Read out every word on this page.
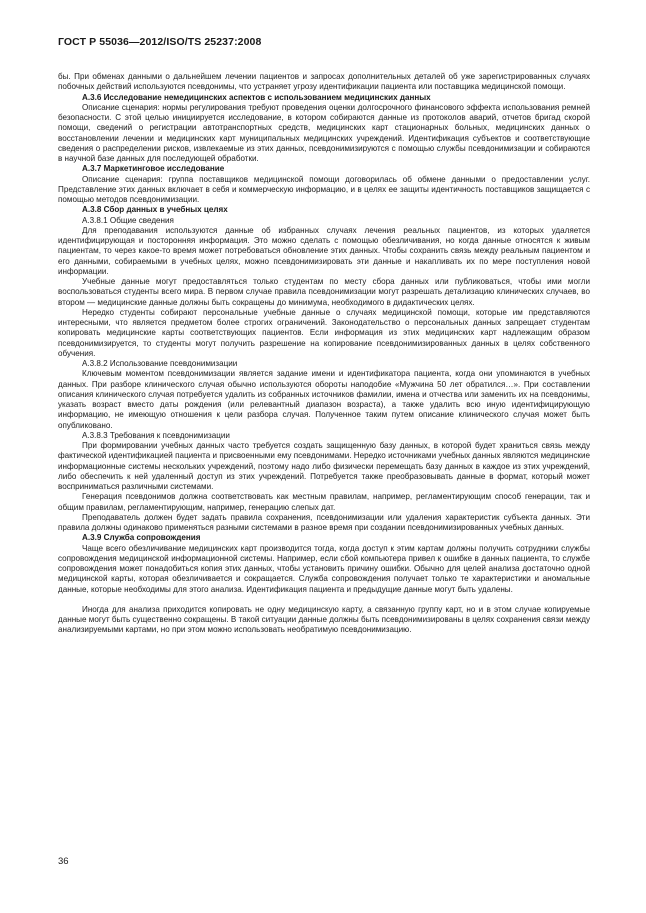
ГОСТ Р 55036—2012/ISO/TS 25237:2008

бы. При обменах данными о дальнейшем лечении пациентов и запросах дополнительных деталей об уже зарегистрированных случаях побочных действий используются псевдонимы, что устраняет угрозу идентификации пациента или поставщика медицинской помощи.

А.3.6 Исследование немедицинских аспектов с использованием медицинских данных

Описание сценария: нормы регулирования требуют проведения оценки долгосрочного финансового эффекта использования ремней безопасности. С этой целью инициируется исследование, в котором собираются данные из протоколов аварий, отчетов бригад скорой помощи, сведений о регистрации автотранспортных средств, медицинских карт стационарных больных, медицинских данных о восстановлении лечении и медицинских карт муниципальных медицинских учреждений. Идентификация субъектов и соответствующие сведения о распределении рисков, извлекаемые из этих данных, псевдонимизируются с помощью службы псевдонимизации и собираются в научной базе данных для последующей обработки.

А.3.7 Маркетинговое исследование

Описание сценария: группа поставщиков медицинской помощи договорилась об обмене данными о предоставлении услуг. Представление этих данных включает в себя и коммерческую информацию, и в целях ее защиты идентичность поставщиков защищается с помощью методов псевдонимизации.

А.3.8 Сбор данных в учебных целях

А.3.8.1 Общие сведения

Для преподавания используются данные об избранных случаях лечения реальных пациентов, из которых удаляется идентифицирующая и посторонняя информация. Это можно сделать с помощью обезличивания, но когда данные относятся к живым пациентам, то через какое-то время может потребоваться обновление этих данных. Чтобы сохранить связь между реальным пациентом и его данными, собираемыми в учебных целях, можно псевдонимизировать эти данные и накапливать их по мере поступления новой информации.

Учебные данные могут предоставляться только студентам по месту сбора данных или публиковаться, чтобы ими могли воспользоваться студенты всего мира. В первом случае правила псевдонимизации могут разрешать детализацию клинических случаев, во втором — медицинские данные должны быть сокращены до минимума, необходимого в дидактических целях.

Нередко студенты собирают персональные учебные данные о случаях медицинской помощи, которые им представляются интересными, что является предметом более строгих ограничений. Законодательство о персональных данных запрещает студентам копировать медицинские карты соответствующих пациентов. Если информация из этих медицинских карт надлежащим образом псевдонимизируется, то студенты могут получить разрешение на копирование псевдонимизированных данных в целях собственного обучения.

А.3.8.2 Использование псевдонимизации

Ключевым моментом псевдонимизации является задание имени и идентификатора пациента, когда они упоминаются в учебных данных. При разборе клинического случая обычно используются обороты наподобие «Мужчина 50 лет обратился…». При составлении описания клинического случая потребуется удалить из собранных источников фамилии, имена и отчества или заменить их на псевдонимы, указать возраст вместо даты рождения (или релевантный диапазон возраста), а также удалить всю иную идентифицирующую информацию, не имеющую отношения к цели разбора случая. Полученное таким путем описание клинического случая может быть опубликовано.

А.3.8.3 Требования к псевдонимизации

При формировании учебных данных часто требуется создать защищенную базу данных, в которой будет храниться связь между фактической идентификацией пациента и присвоенными ему псевдонимами. Нередко источниками учебных данных являются медицинские информационные системы нескольких учреждений, поэтому надо либо физически перемещать базу данных в каждое из этих учреждений, либо обеспечить к ней удаленный доступ из этих учреждений. Потребуется также преобразовывать данные в формат, который может восприниматься различными системами.

Генерация псевдонимов должна соответствовать как местным правилам, например, регламентирующим способ генерации, так и общим правилам, регламентирующим, например, генерацию слепых дат.

Преподаватель должен будет задать правила сохранения, псевдонимизации или удаления характеристик субъекта данных. Эти правила должны одинаково применяться разными системами в разное время при создании псевдонимизированных учебных данных.

А.3.9 Служба сопровождения

Чаще всего обезличивание медицинских карт производится тогда, когда доступ к этим картам должны получить сотрудники службы сопровождения медицинской информационной системы. Например, если сбой компьютера привел к ошибке в данных пациента, то службе сопровождения может понадобиться копия этих данных, чтобы установить причину ошибки. Обычно для целей анализа достаточно одной медицинской карты, которая обезличивается и сокращается. Служба сопровождения получает только те характеристики и аномальные данные, которые необходимы для этого анализа. Идентификация пациента и предыдущие данные могут быть удалены.

Иногда для анализа приходится копировать не одну медицинскую карту, а связанную группу карт, но и в этом случае копируемые данные могут быть существенно сокращены. В такой ситуации данные должны быть псевдонимизированы в целях сохранения связи между анализируемыми картами, но при этом можно использовать необратимую псевдонимизацию.

36
